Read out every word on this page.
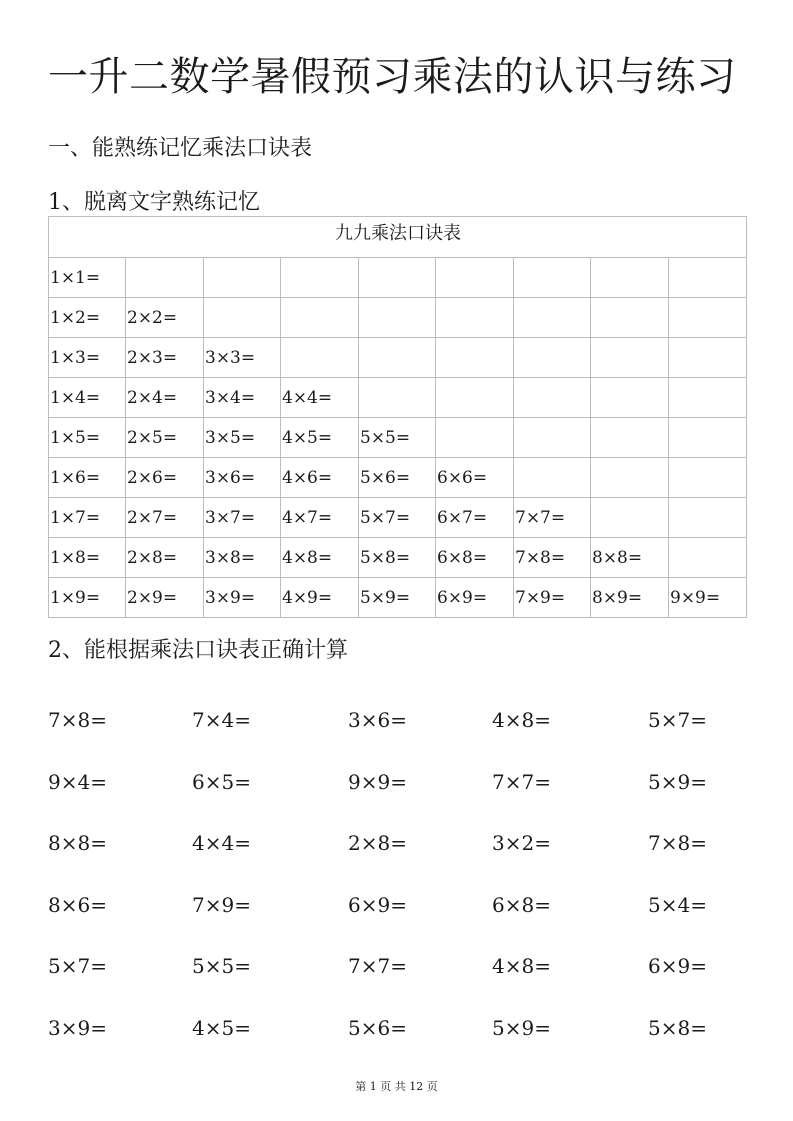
一升二数学暑假预习乘法的认识与练习
一、能熟练记忆乘法口诀表
1、脱离文字熟练记忆
九九乘法口诀表								
1×1=								
1×2=	2×2=							
1×3=	2×3=	3×3=						
1×4=	2×4=	3×4=	4×4=					
1×5=	2×5=	3×5=	4×5=	5×5=				
1×6=	2×6=	3×6=	4×6=	5×6=	6×6=			
1×7=	2×7=	3×7=	4×7=	5×7=	6×7=	7×7=		
1×8=	2×8=	3×8=	4×8=	5×8=	6×8=	7×8=	8×8=	
1×9=	2×9=	3×9=	4×9=	5×9=	6×9=	7×9=	8×9=	9×9=
2、能根据乘法口诀表正确计算
7×8=	7×4=	3×6=	4×8=	5×7=
9×4=	6×5=	9×9=	7×7=	5×9=
8×8=	4×4=	2×8=	3×2=	7×8=
8×6=	7×9=	6×9=	6×8=	5×4=
5×7=	5×5=	7×7=	4×8=	6×9=
3×9=	4×5=	5×6=	5×9=	5×8=
第 1 页 共 12 页
